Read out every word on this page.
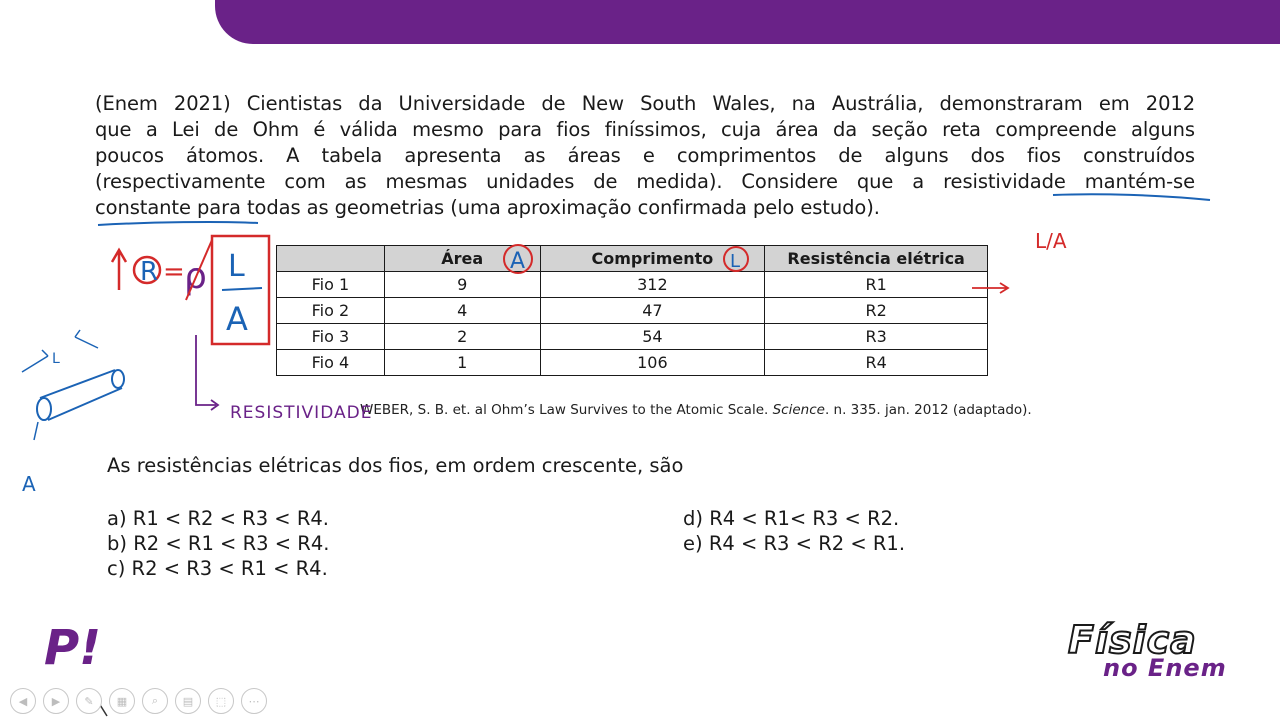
(Enem 2021) Cientistas da Universidade de New South Wales, na Austrália, demonstraram em 2012
que a Lei de Ohm é válida mesmo para fios finíssimos, cuja área da seção reta compreende alguns
poucos átomos. A tabela apresenta as áreas e comprimentos de alguns dos fios construídos
(respectivamente com as mesmas unidades de medida). Considere que a resistividade mantém-se
constante para todas as geometrias (uma aproximação confirmada pelo estudo).
	Área	Comprimento	Resistência elétrica
Fio 1	9	312	R1
Fio 2	4	47	R2
Fio 3	2	54	R3
Fio 4	1	106	R4
WEBER, S. B. et. al Ohm’s Law Survives to the Atomic Scale. Science. n. 335. jan. 2012 (adaptado).
As resistências elétricas dos fios, em ordem crescente, são
a) R1 < R2 < R3 < R4.
b) R2 < R1 < R3 < R4.
c) R2 < R3 < R1 < R4.
d) R4 < R1< R3 < R2.
e) R4 < R3 < R2 < R1.
R = ρ L
A
RESISTIVIDADE
A	L
L/A
L
A
P!	Física
no Enem
◀	▶	✎	▦	⌕	▤	⬚	⋯
